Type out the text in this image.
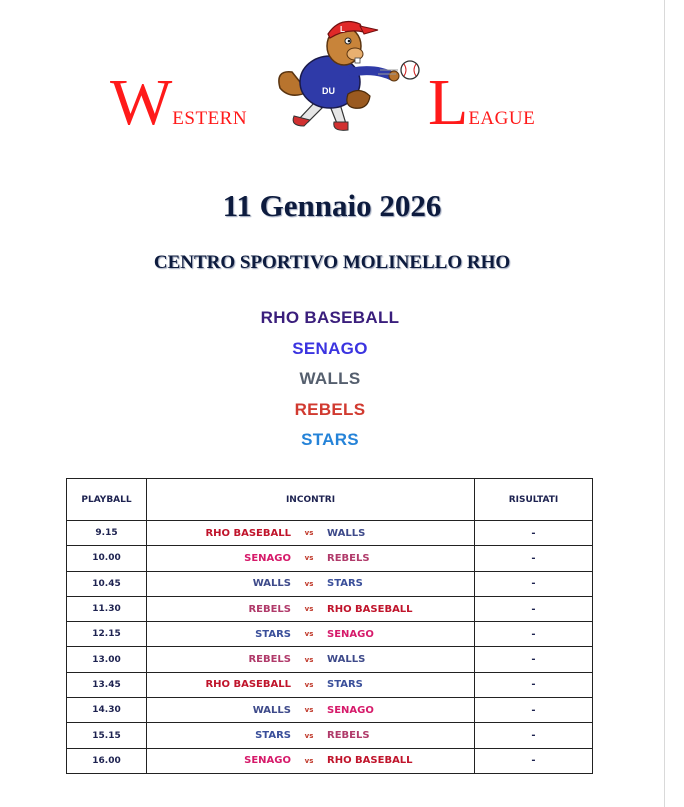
WESTERN
DU
L
LEAGUE
11 Gennaio 2026
CENTRO SPORTIVO MOLINELLO RHO
RHO BASEBALL
SENAGO
WALLS
REBELS
STARS
PLAYBALL	INCONTRI	RISULTATI
9.15	RHO BASEBALL vs WALLS	-
10.00	SENAGO vs REBELS	-
10.45	WALLS vs STARS	-
11.30	REBELS vs RHO BASEBALL	-
12.15	STARS vs SENAGO	-
13.00	REBELS vs WALLS	-
13.45	RHO BASEBALL vs STARS	-
14.30	WALLS vs SENAGO	-
15.15	STARS vs REBELS	-
16.00	SENAGO vs RHO BASEBALL	-
